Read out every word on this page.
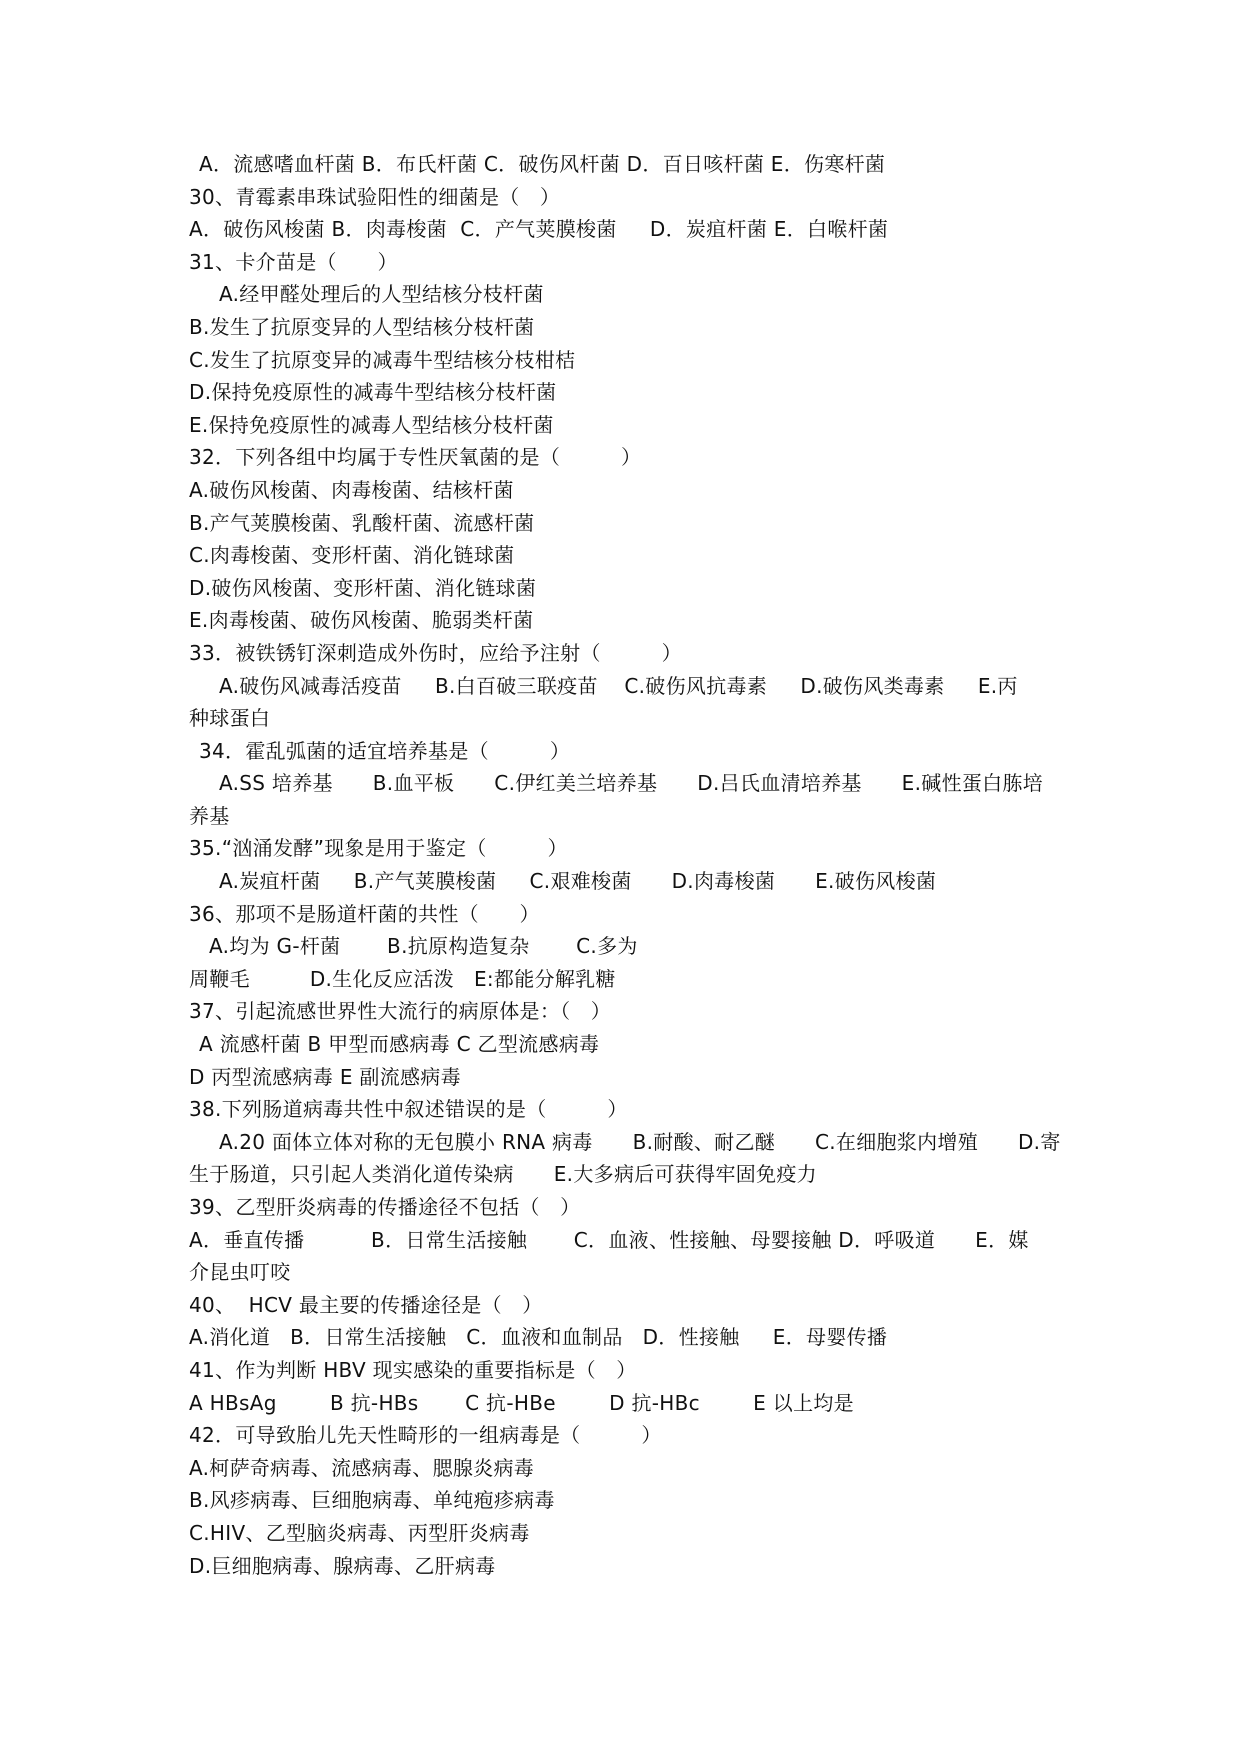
A．流感嗜血杆菌 B．布氏杆菌 C．破伤风杆菌 D．百日咳杆菌 E．伤寒杆菌
30、青霉素串珠试验阳性的细菌是（　）
A．破伤风梭菌 B．肉毒梭菌  C．产气荚膜梭菌     D．炭疽杆菌 E．白喉杆菌
31、卡介苗是（　　）
A.经甲醛处理后的人型结核分枝杆菌
B.发生了抗原变异的人型结核分枝杆菌
C.发生了抗原变异的减毒牛型结核分枝柑桔
D.保持免疫原性的减毒牛型结核分枝杆菌
E.保持免疫原性的减毒人型结核分枝杆菌
32．下列各组中均属于专性厌氧菌的是（　　　）
A.破伤风梭菌、肉毒梭菌、结核杆菌
B.产气荚膜梭菌、乳酸杆菌、流感杆菌
C.肉毒梭菌、变形杆菌、消化链球菌
D.破伤风梭菌、变形杆菌、消化链球菌
E.肉毒梭菌、破伤风梭菌、脆弱类杆菌
33．被铁锈钉深刺造成外伤时，应给予注射（　　　）
A.破伤风减毒活疫苗     B.白百破三联疫苗    C.破伤风抗毒素     D.破伤风类毒素     E.丙
种球蛋白
34．霍乱弧菌的适宜培养基是（　　　）
A.SS 培养基      B.血平板      C.伊红美兰培养基      D.吕氏血清培养基      E.碱性蛋白胨培
养基
35.“汹涌发酵”现象是用于鉴定（　　　）
A.炭疽杆菌     B.产气荚膜梭菌     C.艰难梭菌      D.肉毒梭菌      E.破伤风梭菌
36、那项不是肠道杆菌的共性（　　）
A.均为 G-杆菌       B.抗原构造复杂       C.多为
周鞭毛         D.生化反应活泼   E:都能分解乳糖
37、引起流感世界性大流行的病原体是：（　）
A 流感杆菌 B 甲型而感病毒 C 乙型流感病毒
D 丙型流感病毒 E 副流感病毒
38.下列肠道病毒共性中叙述错误的是（　　　）
A.20 面体立体对称的无包膜小 RNA 病毒      B.耐酸、耐乙醚      C.在细胞浆内增殖      D.寄
生于肠道，只引起人类消化道传染病      E.大多病后可获得牢固免疫力
39、乙型肝炎病毒的传播途径不包括（　）
A．垂直传播          B．日常生活接触       C．血液、性接触、母婴接触 D．呼吸道      E．媒
介昆虫叮咬
40、  HCV 最主要的传播途径是（　）
A.消化道   B．日常生活接触   C．血液和血制品   D．性接触     E．母婴传播
41、作为判断 HBV 现实感染的重要指标是（　）
A HBsAg        B 抗-HBs       C 抗-HBe        D 抗-HBc        E 以上均是
42．可导致胎儿先天性畸形的一组病毒是（　　　）
A.柯萨奇病毒、流感病毒、腮腺炎病毒
B.风疹病毒、巨细胞病毒、单纯疱疹病毒
C.HIV、乙型脑炎病毒、丙型肝炎病毒
D.巨细胞病毒、腺病毒、乙肝病毒
